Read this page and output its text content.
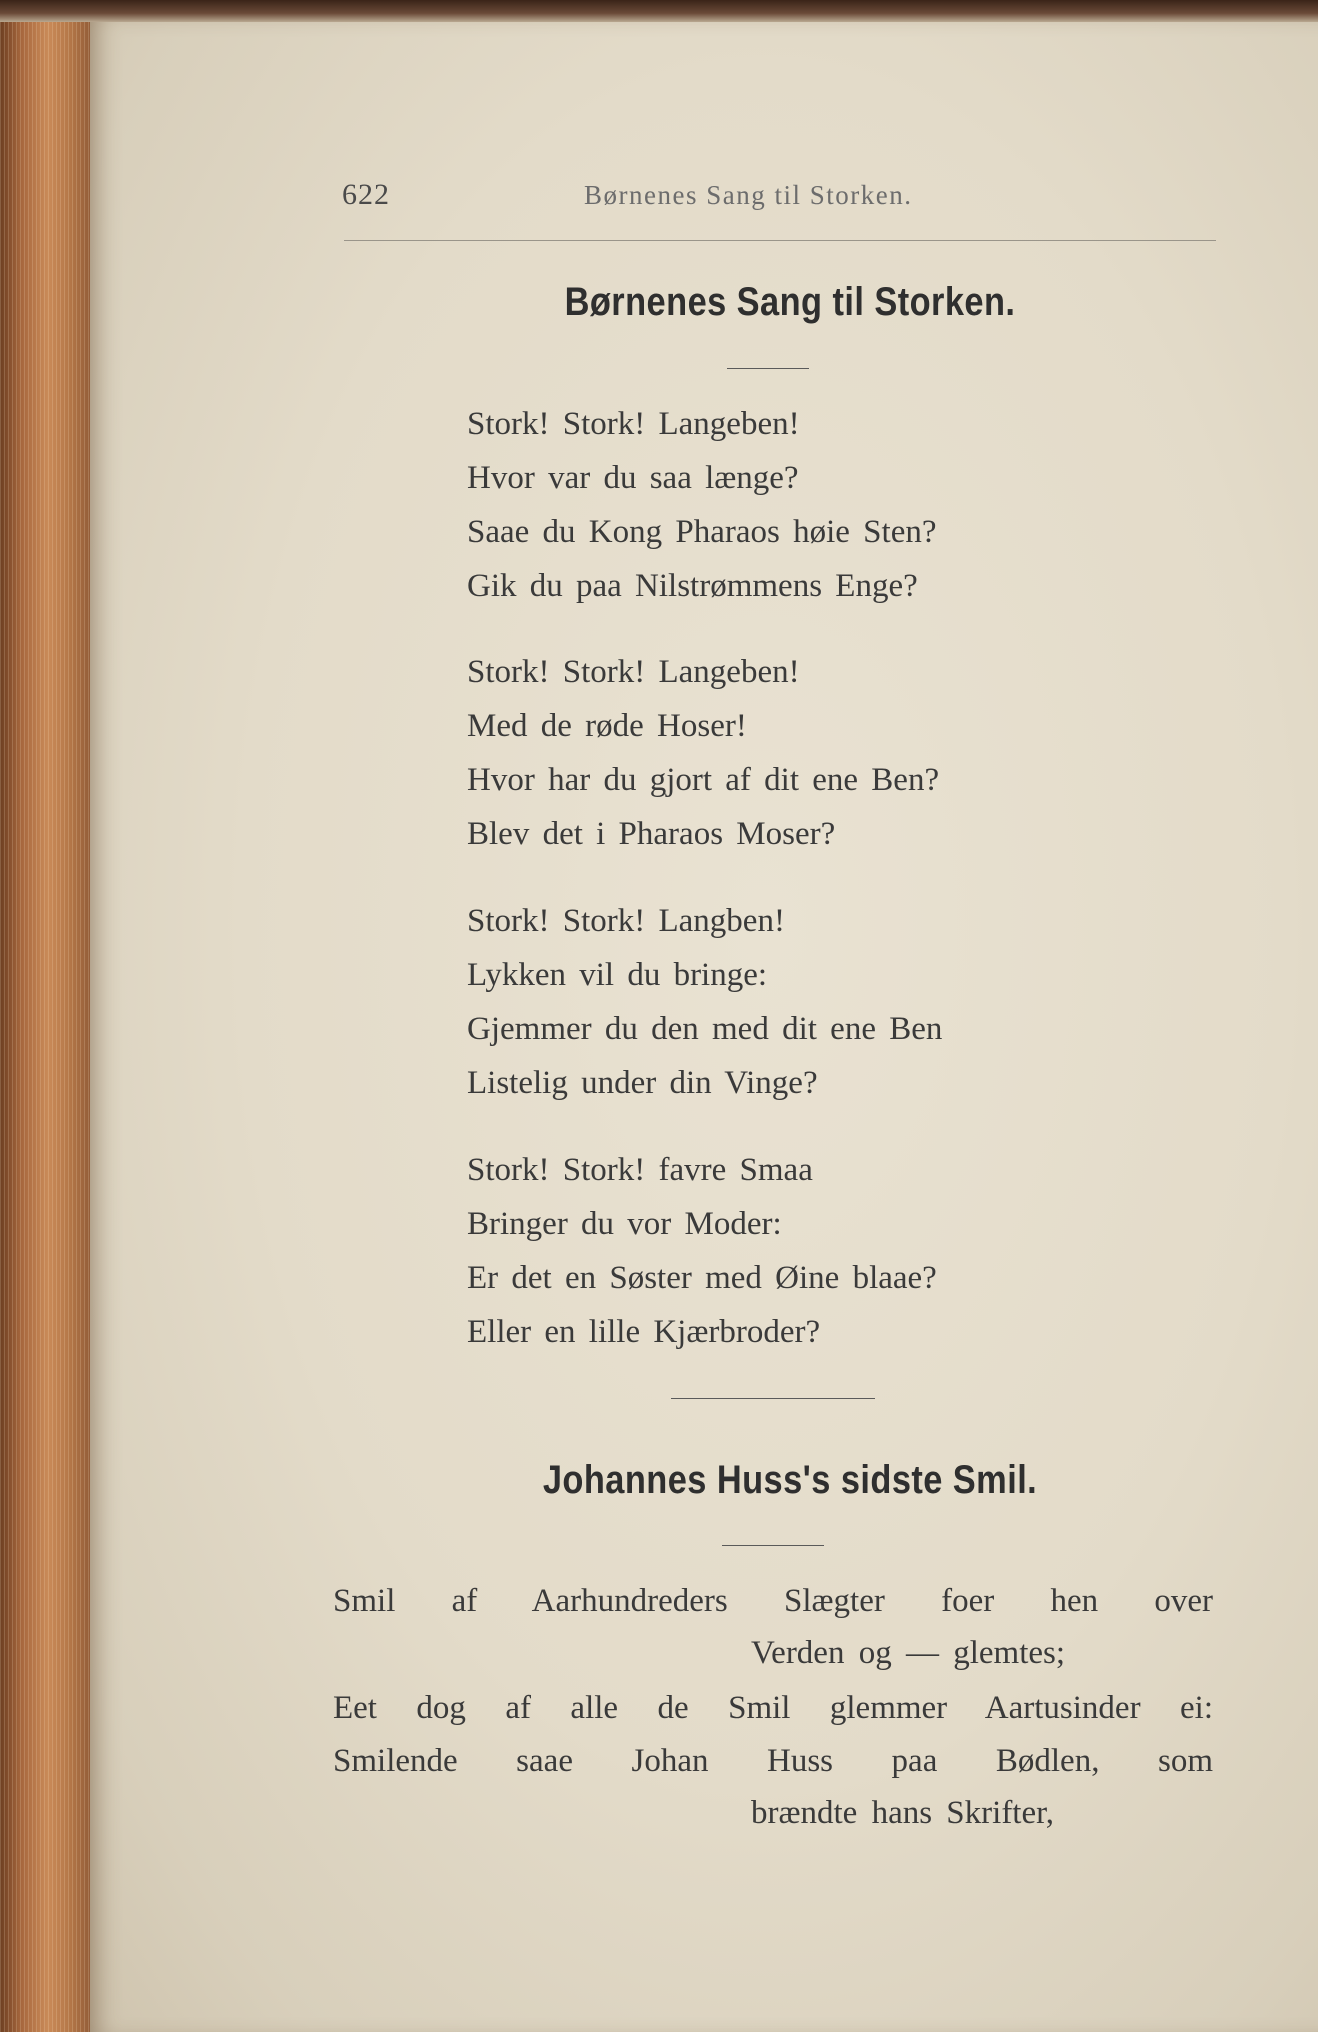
622	Børnenes Sang til Storken.
Børnenes Sang til Storken.
Stork! Stork! Langeben!
Hvor var du saa længe?
Saae du Kong Pharaos høie Sten?
Gik du paa Nilstrømmens Enge?
Stork! Stork! Langeben!
Med de røde Hoser!
Hvor har du gjort af dit ene Ben?
Blev det i Pharaos Moser?
Stork! Stork! Langben!
Lykken vil du bringe:
Gjemmer du den med dit ene Ben
Listelig under din Vinge?
Stork! Stork! favre Smaa
Bringer du vor Moder:
Er det en Søster med Øine blaae?
Eller en lille Kjærbroder?
Johannes Huss's sidste Smil.
Smil af Aarhundreders Slægter foer hen over
Verden og — glemtes;
Eet dog af alle de Smil glemmer Aartusinder ei:
Smilende saae Johan Huss paa Bødlen, som
brændte hans Skrifter,
